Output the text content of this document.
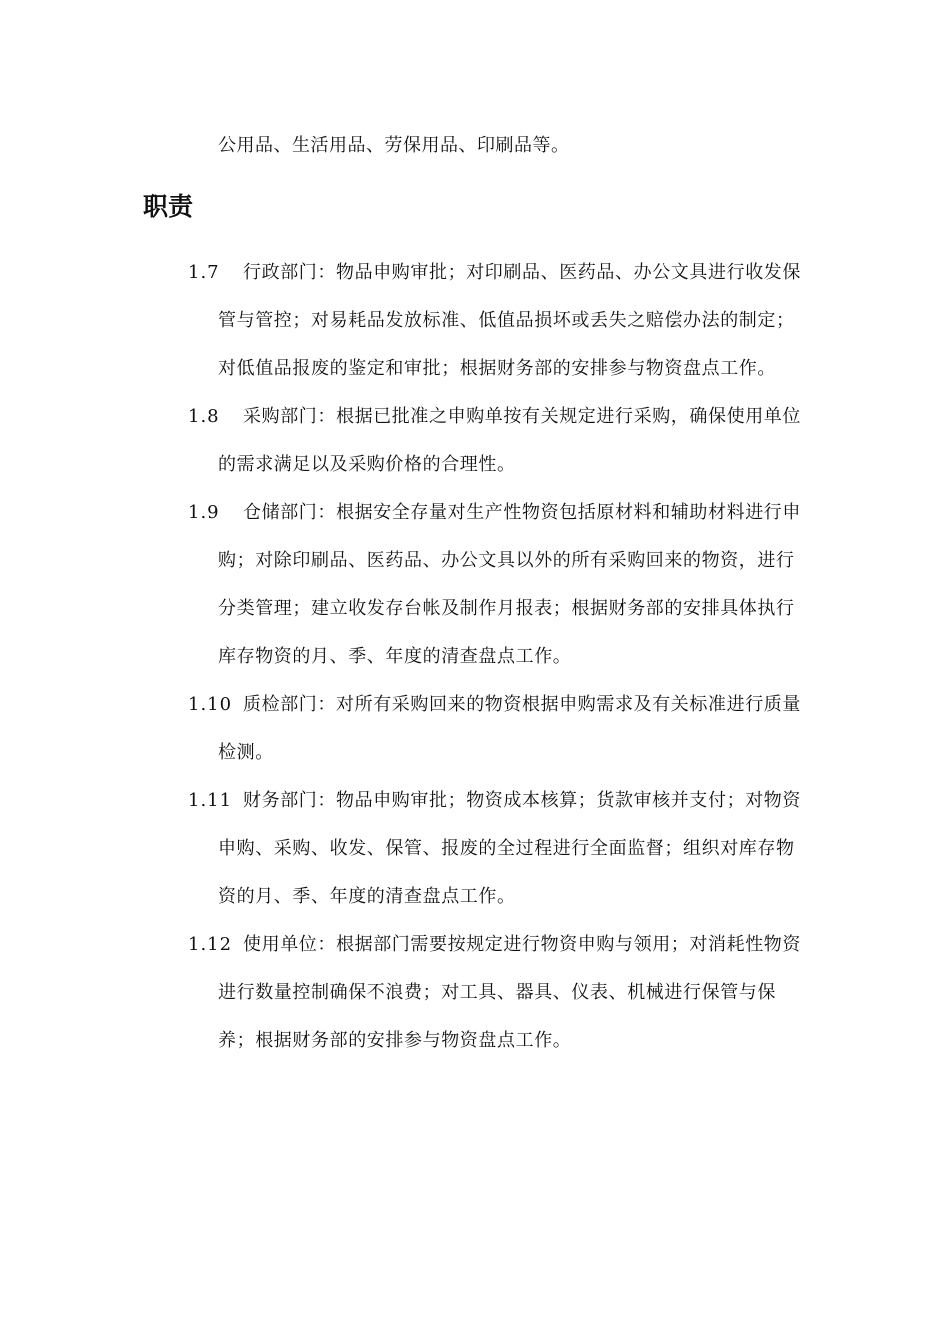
公用品、生活用品、劳保用品、印刷品等。
职责
1.7	行政部门：物品申购审批；对印刷品、医药品、办公文具进行收发保管与管控；对易耗品发放标准、低值品损坏或丢失之赔偿办法的制定；对低值品报废的鉴定和审批；根据财务部的安排参与物资盘点工作。
1.8	采购部门：根据已批准之申购单按有关规定进行采购，确保使用单位的需求满足以及采购价格的合理性。
1.9	仓储部门：根据安全存量对生产性物资包括原材料和辅助材料进行申购；对除印刷品、医药品、办公文具以外的所有采购回来的物资，进行分类管理；建立收发存台帐及制作月报表；根据财务部的安排具体执行库存物资的月、季、年度的清查盘点工作。
1.10 质检部门：对所有采购回来的物资根据申购需求及有关标准进行质量检测。
1.11 财务部门：物品申购审批；物资成本核算；货款审核并支付；对物资申购、采购、收发、保管、报废的全过程进行全面监督；组织对库存物资的月、季、年度的清查盘点工作。
1.12 使用单位：根据部门需要按规定进行物资申购与领用；对消耗性物资进行数量控制确保不浪费；对工具、器具、仪表、机械进行保管与保养；根据财务部的安排参与物资盘点工作。
